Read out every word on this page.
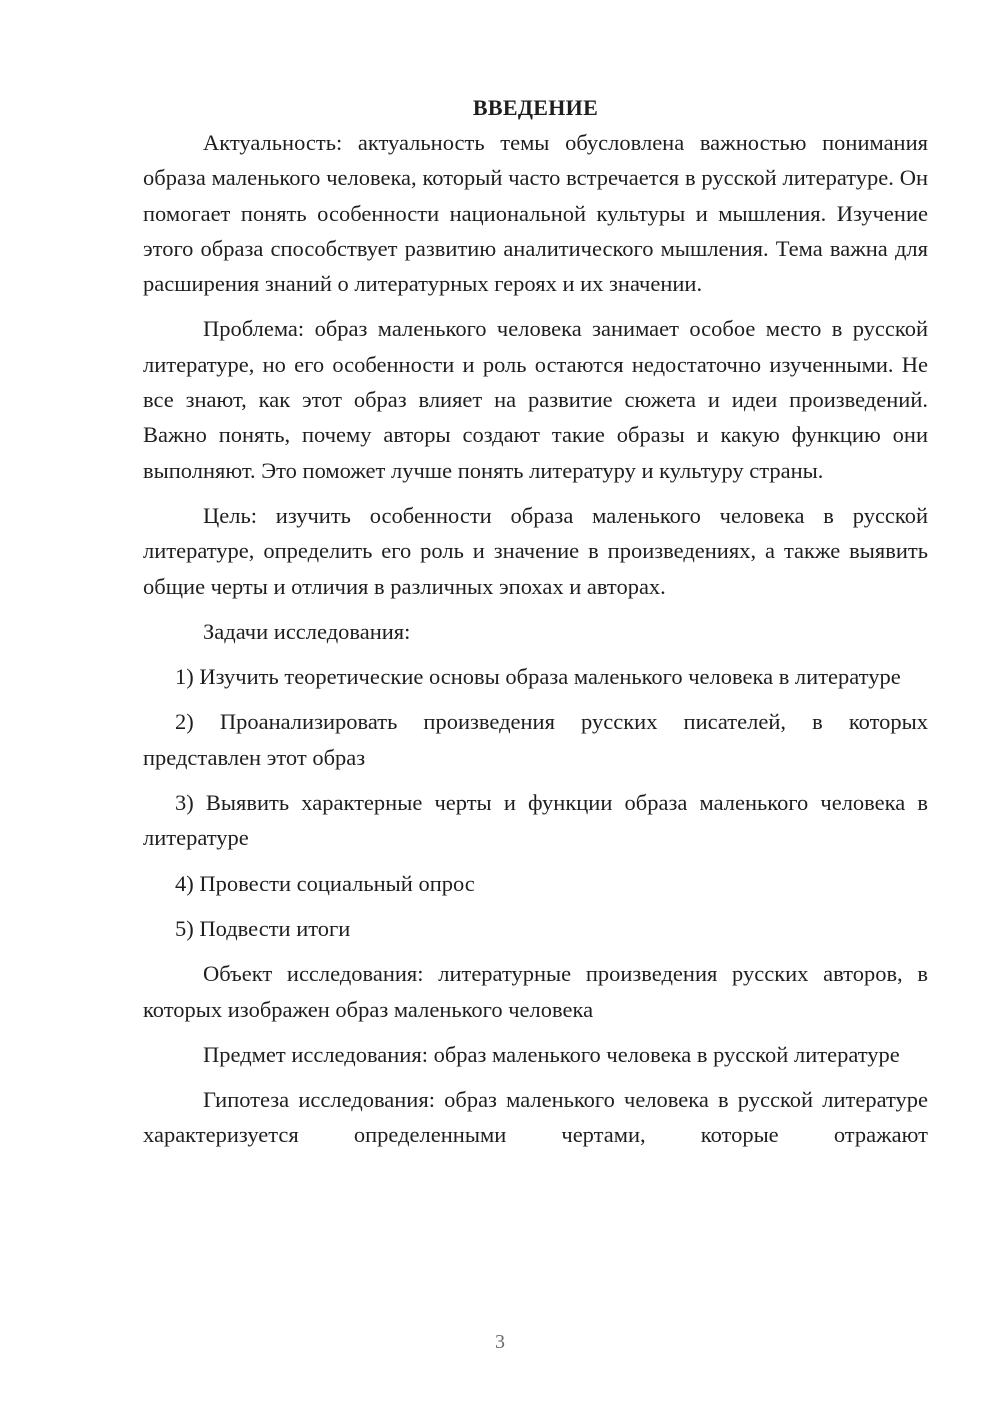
ВВЕДЕНИЕ

Актуальность: актуальность темы обусловлена важностью понимания образа маленького человека, который часто встречается в русской литературе. Он помогает понять особенности национальной культуры и мышления. Изучение этого образа способствует развитию аналитического мышления. Тема важна для расширения знаний о литературных героях и их значении.

Проблема: образ маленького человека занимает особое место в русской литературе, но его особенности и роль остаются недостаточно изученными. Не все знают, как этот образ влияет на развитие сюжета и идеи произведений. Важно понять, почему авторы создают такие образы и какую функцию они выполняют. Это поможет лучше понять литературу и культуру страны.

Цель: изучить особенности образа маленького человека в русской литературе, определить его роль и значение в произведениях, а также выявить общие черты и отличия в различных эпохах и авторах.

Задачи исследования:

1) Изучить теоретические основы образа маленького человека в литературе

2) Проанализировать произведения русских писателей, в которых представлен этот образ

3) Выявить характерные черты и функции образа маленького человека в литературе

4) Провести социальный опрос

5) Подвести итоги

Объект исследования: литературные произведения русских авторов, в которых изображен образ маленького человека

Предмет исследования: образ маленького человека в русской литературе

Гипотеза исследования: образ маленького человека в русской литературе характеризуется определенными чертами, которые отражают

3
